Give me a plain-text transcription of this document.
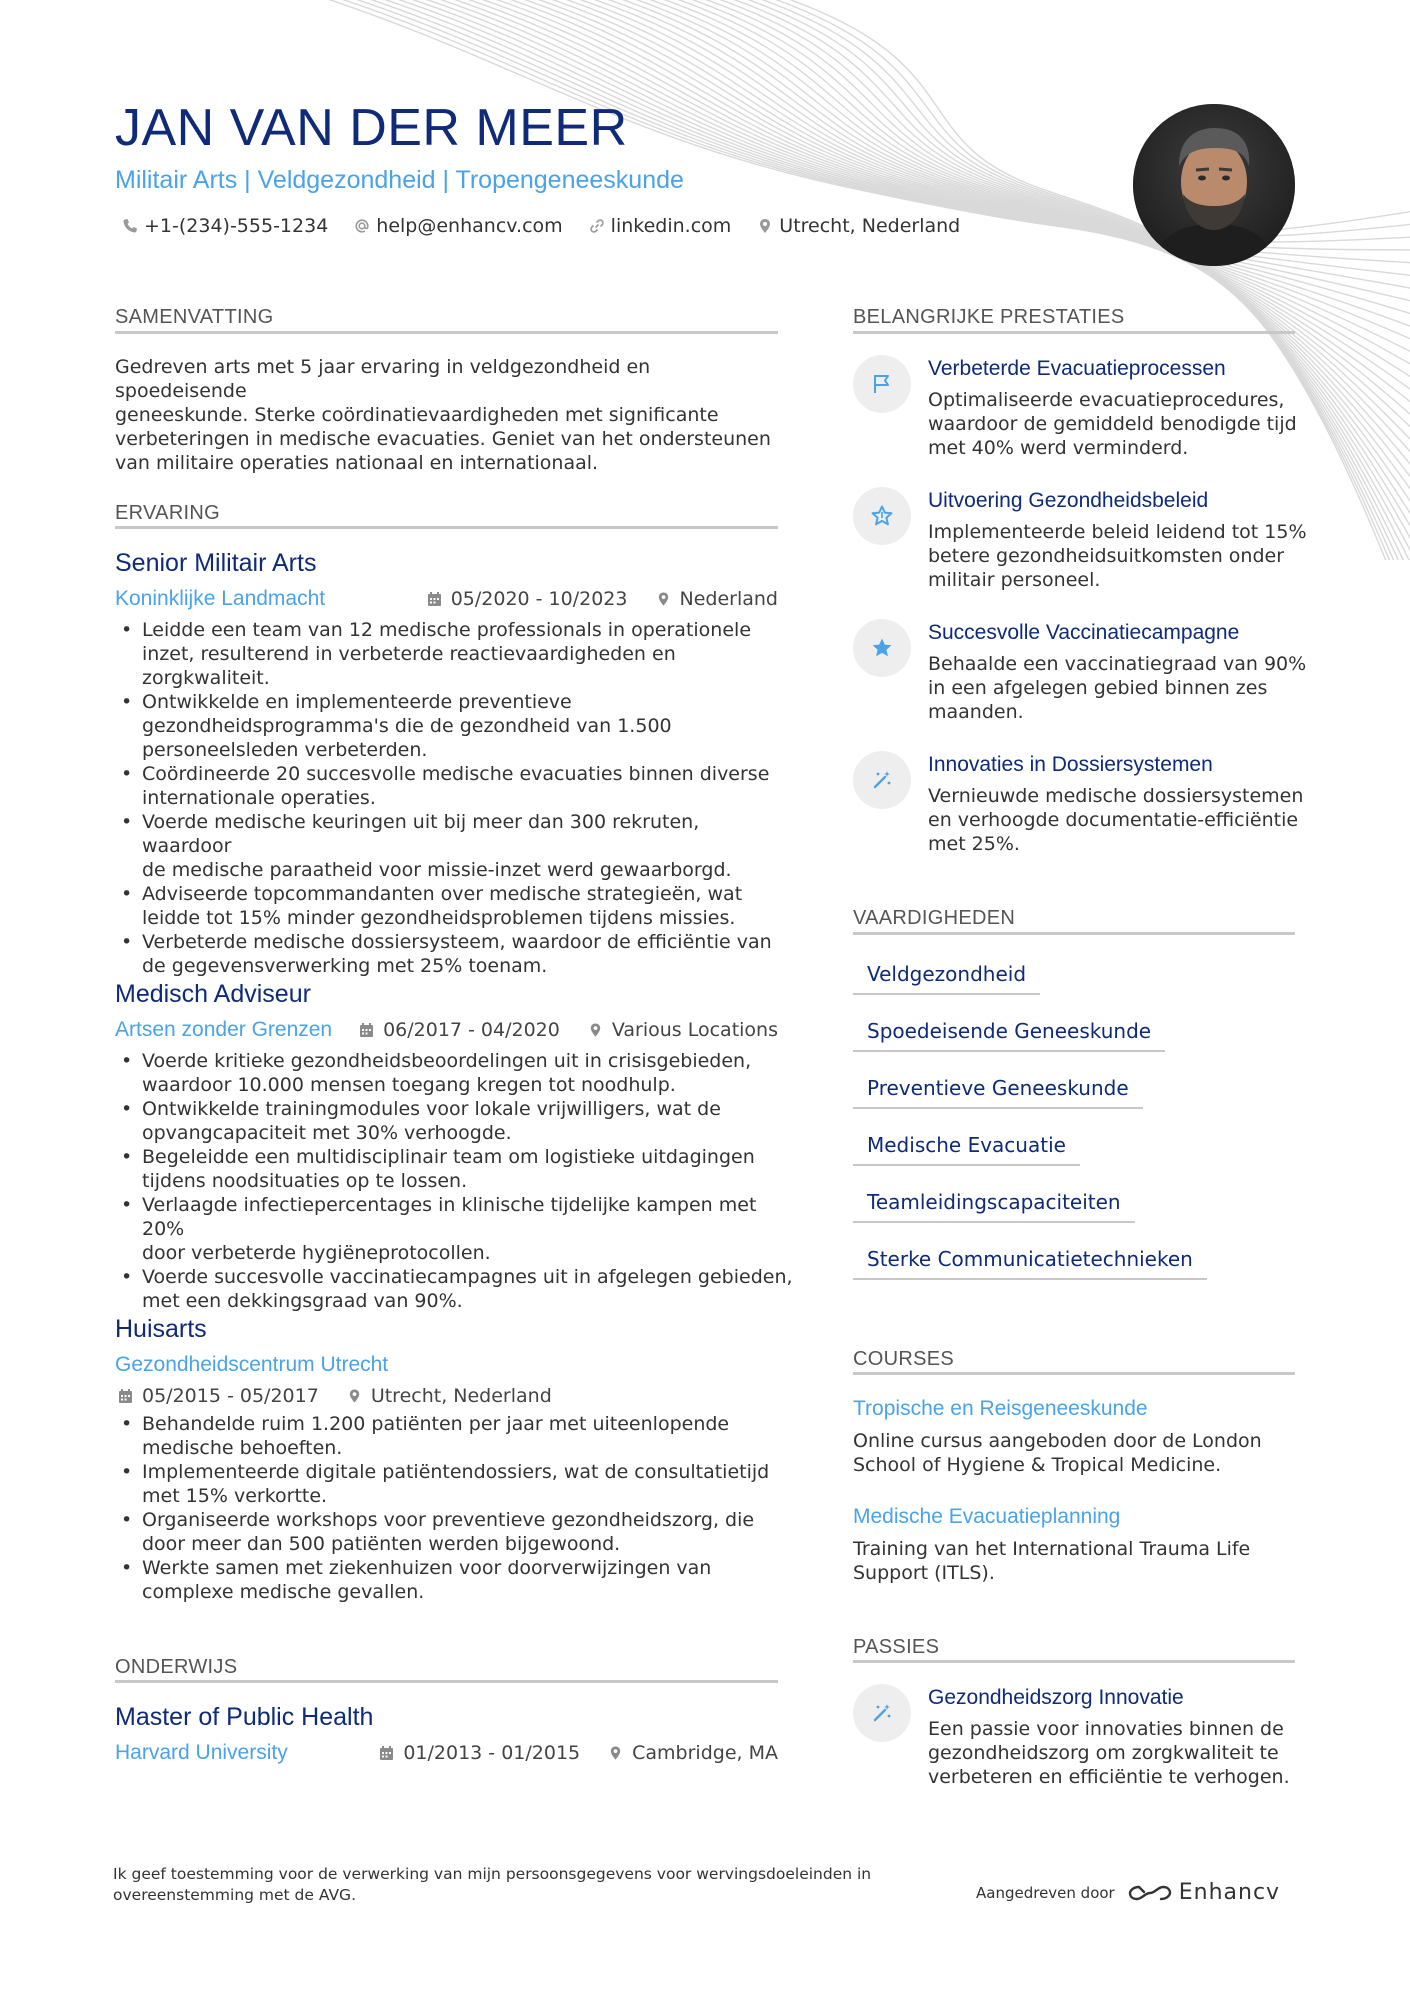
JAN VAN DER MEER
Militair Arts | Veldgezondheid | Tropengeneeskunde
+1-(234)-555-1234	help@enhancv.com	linkedin.com	Utrecht, Nederland
SAMENVATTING
Gedreven arts met 5 jaar ervaring in veldgezondheid en spoedeisende
geneeskunde. Sterke coördinatievaardigheden met significante
verbeteringen in medische evacuaties. Geniet van het ondersteunen
van militaire operaties nationaal en internationaal.
ERVARING
Senior Militair Arts
Koninklijke Landmacht	05/2020 - 10/2023	Nederland
• Leidde een team van 12 medische professionals in operationele
inzet, resulterend in verbeterde reactievaardigheden en
zorgkwaliteit.
• Ontwikkelde en implementeerde preventieve
gezondheidsprogramma's die de gezondheid van 1.500
personeelsleden verbeterden.
• Coördineerde 20 succesvolle medische evacuaties binnen diverse
internationale operaties.
• Voerde medische keuringen uit bij meer dan 300 rekruten, waardoor
de medische paraatheid voor missie-inzet werd gewaarborgd.
• Adviseerde topcommandanten over medische strategieën, wat
leidde tot 15% minder gezondheidsproblemen tijdens missies.
• Verbeterde medische dossiersysteem, waardoor de efficiëntie van
de gegevensverwerking met 25% toenam.
Medisch Adviseur
Artsen zonder Grenzen	06/2017 - 04/2020	Various Locations
• Voerde kritieke gezondheidsbeoordelingen uit in crisisgebieden,
waardoor 10.000 mensen toegang kregen tot noodhulp.
• Ontwikkelde trainingmodules voor lokale vrijwilligers, wat de
opvangcapaciteit met 30% verhoogde.
• Begeleidde een multidisciplinair team om logistieke uitdagingen
tijdens noodsituaties op te lossen.
• Verlaagde infectiepercentages in klinische tijdelijke kampen met 20%
door verbeterde hygiëneprotocollen.
• Voerde succesvolle vaccinatiecampagnes uit in afgelegen gebieden,
met een dekkingsgraad van 90%.
Huisarts
Gezondheidscentrum Utrecht
05/2015 - 05/2017	Utrecht, Nederland
• Behandelde ruim 1.200 patiënten per jaar met uiteenlopende
medische behoeften.
• Implementeerde digitale patiëntendossiers, wat de consultatietijd
met 15% verkortte.
• Organiseerde workshops voor preventieve gezondheidszorg, die
door meer dan 500 patiënten werden bijgewoond.
• Werkte samen met ziekenhuizen voor doorverwijzingen van
complexe medische gevallen.
ONDERWIJS
Master of Public Health
Harvard University	01/2013 - 01/2015	Cambridge, MA
BELANGRIJKE PRESTATIES
Verbeterde Evacuatieprocessen
Optimaliseerde evacuatieprocedures,
waardoor de gemiddeld benodigde tijd
met 40% werd verminderd.
Uitvoering Gezondheidsbeleid
Implementeerde beleid leidend tot 15%
betere gezondheidsuitkomsten onder
militair personeel.
Succesvolle Vaccinatiecampagne
Behaalde een vaccinatiegraad van 90%
in een afgelegen gebied binnen zes
maanden.
Innovaties in Dossiersystemen
Vernieuwde medische dossiersystemen
en verhoogde documentatie-efficiëntie
met 25%.
VAARDIGHEDEN
Veldgezondheid
Spoedeisende Geneeskunde
Preventieve Geneeskunde
Medische Evacuatie
Teamleidingscapaciteiten
Sterke Communicatietechnieken
COURSES
Tropische en Reisgeneeskunde
Online cursus aangeboden door de London
School of Hygiene & Tropical Medicine.
Medische Evacuatieplanning
Training van het International Trauma Life
Support (ITLS).
PASSIES
Gezondheidszorg Innovatie
Een passie voor innovaties binnen de
gezondheidszorg om zorgkwaliteit te
verbeteren en efficiëntie te verhogen.
Ik geef toestemming voor de verwerking van mijn persoonsgegevens voor wervingsdoeleinden in
overeenstemming met de AVG.	Aangedreven door	Enhancv
